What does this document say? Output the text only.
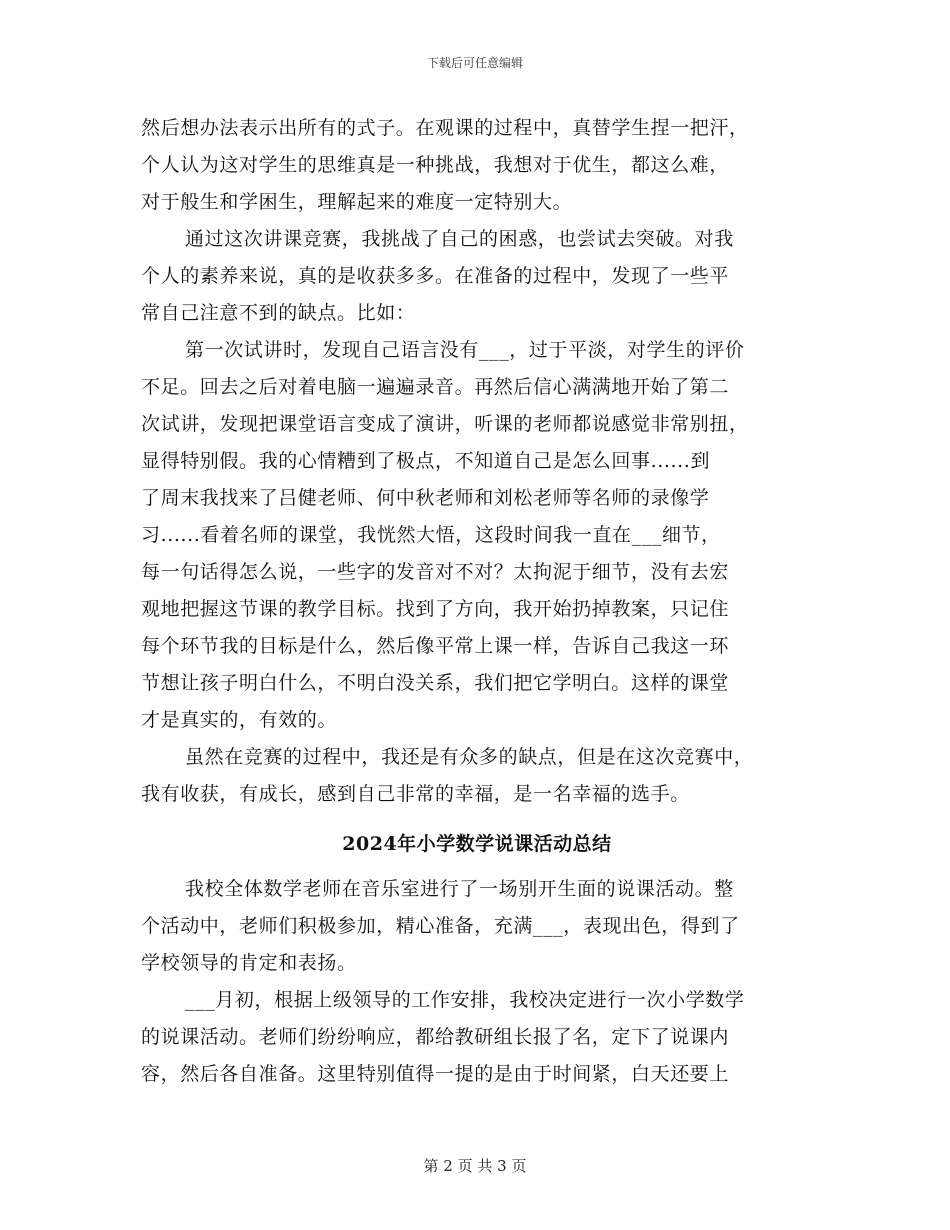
下载后可任意编辑
然后想办法表示出所有的式子。在观课的过程中，真替学生捏一把汗，
个人认为这对学生的思维真是一种挑战，我想对于优生，都这么难，
对于般生和学困生，理解起来的难度一定特别大。
通过这次讲课竞赛，我挑战了自己的困惑，也尝试去突破。对我
个人的素养来说，真的是收获多多。在准备的过程中，发现了一些平
常自己注意不到的缺点。比如：
第一次试讲时，发现自己语言没有___，过于平淡，对学生的评价
不足。回去之后对着电脑一遍遍录音。再然后信心满满地开始了第二
次试讲，发现把课堂语言变成了演讲，听课的老师都说感觉非常别扭，
显得特别假。我的心情糟到了极点，不知道自己是怎么回事......到
了周末我找来了吕健老师、何中秋老师和刘松老师等名师的录像学
习......看着名师的课堂，我恍然大悟，这段时间我一直在___细节，
每一句话得怎么说，一些字的发音对不对？太拘泥于细节，没有去宏
观地把握这节课的教学目标。找到了方向，我开始扔掉教案，只记住
每个环节我的目标是什么，然后像平常上课一样，告诉自己我这一环
节想让孩子明白什么，不明白没关系，我们把它学明白。这样的课堂
才是真实的，有效的。
虽然在竞赛的过程中，我还是有众多的缺点，但是在这次竞赛中，
我有收获，有成长，感到自己非常的幸福，是一名幸福的选手。
2024年小学数学说课活动总结
我校全体数学老师在音乐室进行了一场别开生面的说课活动。整
个活动中，老师们积极参加，精心准备，充满___，表现出色，得到了
学校领导的肯定和表扬。
___月初，根据上级领导的工作安排，我校决定进行一次小学数学
的说课活动。老师们纷纷响应，都给教研组长报了名，定下了说课内
容，然后各自准备。这里特别值得一提的是由于时间紧，白天还要上
第 2 页 共 3 页
